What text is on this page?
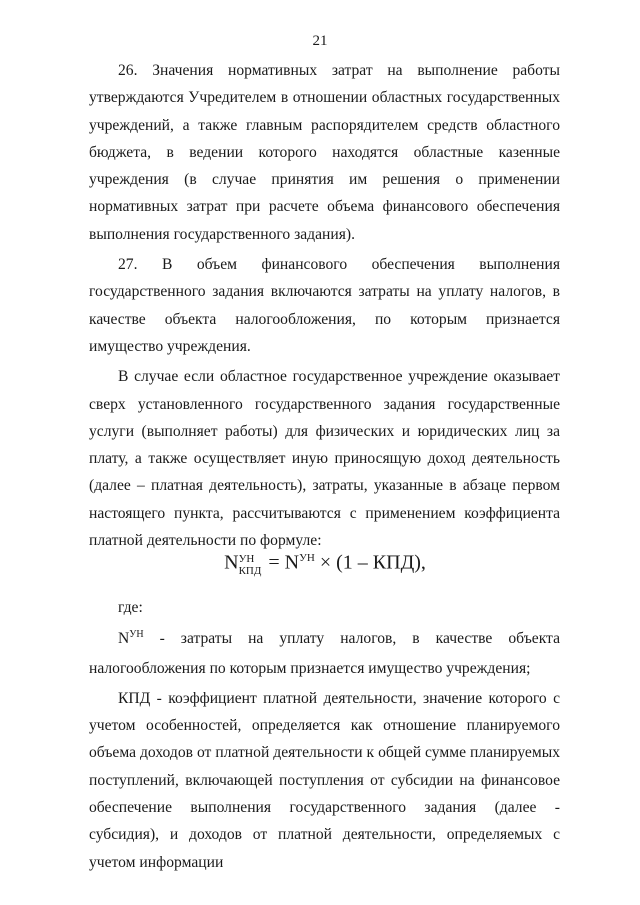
21

26. Значения нормативных затрат на выполнение работы утверждаются Учредителем в отношении областных государственных учреждений, а также главным распорядителем средств областного бюджета, в ведении которого находятся областные казенные учреждения (в случае принятия им решения о применении нормативных затрат при расчете объема финансового обеспечения выполнения государственного задания).

27. В объем финансового обеспечения выполнения государственного задания включаются затраты на уплату налогов, в качестве объекта налогообложения, по которым признается имущество учреждения.

В случае если областное государственное учреждение оказывает сверх установленного государственного задания государственные услуги (выполняет работы) для физических и юридических лиц за плату, а также осуществляет иную приносящую доход деятельность (далее – платная деятельность), затраты, указанные в абзаце первом настоящего пункта, рассчитываются с применением коэффициента платной деятельности по формуле:

N УН
КПД = $N^{УН} \times (1 - КПД)$,

где:

$N^{УН}$ - затраты на уплату налогов, в качестве объекта налогообложения по которым признается имущество учреждения;

КПД - коэффициент платной деятельности, значение которого с учетом особенностей, определяется как отношение планируемого объема доходов от платной деятельности к общей сумме планируемых поступлений, включающей поступления от субсидии на финансовое обеспечение выполнения государственного задания (далее - субсидия), и доходов от платной деятельности, определяемых с учетом информации
